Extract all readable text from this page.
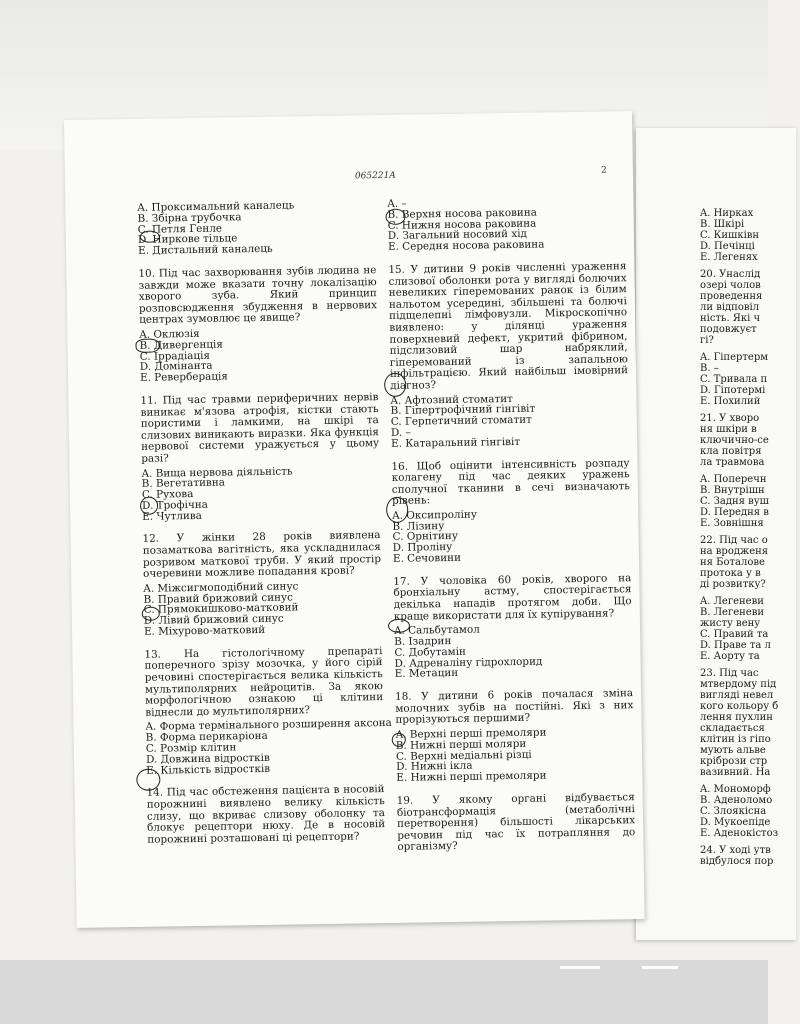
A. Нирках
B. Шкірі
C. Кишківн
D. Печінці
E. Легенях
20. Унаслід
озері чолов
проведення
ли відповіл
ність. Які ч
подовжуєт
гі?
A. Гіпертерм
B. –
C. Тривала п
D. Гіпотермі
E. Похилий
21. У хворо
ня шкіри в
ключично-се
кла повітря
ла травмова
A. Поперечн
B. Внутрішн
C. Задня вуш
D. Передня в
E. Зовнішня
22. Під час о
на вродженя
ня Боталове
протока у в
ді розвитку?
A. Легеневи
B. Легеневи
жисту вену
C. Правий та
D. Праве та л
E. Аорту та
23. Під час
мтвердому під
вигляді невел
кого кольору б
лення пухлин
складається
клітин із гіпо
мують альве
крібрози стр
вазивний. На
A. Мономорф
B. Аденоломо
C. Злоякісна
D. Мукоепіде
E. Аденокістоз
24. У ході утв
відбулося пор
065221A
2
A. Проксимальний каналець
B. Збірна трубочка
C. Петля Генле
D. Нирковe тільце
E. Дистальний каналець
10. Під час захворювання зубів людина не завжди може вказати точну локалізацію хворого зуба. Який принцип розповсюдження збудження в нервових центрах зумовлює це явище?
A. Оклюзія
B. Дивергенція
C. Іррадіація
D. Домінанта
E. Реверберація
11. Під час травми периферичних нервів виникає м'язова атрофія, кістки стають пористими і ламкими, на шкірі та слизових виникають виразки. Яка функція нервової системи уражується у цьому разі?
A. Вища нервова діяльність
B. Вегетативна
C. Рухова
D. Трофічна
E. Чутлива
12. У жінки 28 років виявлена позаматкова вагітність, яка ускладнилася розривом маткової труби. У який простір очеревини можливе попадання крові?
A. Міжсигмоподібний синус
B. Правий брижовий синус
C. Прямокишково-матковий
D. Лівий брижовий синус
E. Міхурово-матковий
13. На гістологічному препараті поперечного зрізу мозочка, у його сірій речовині спостерігається велика кількість мультиполярних нейроцитів. За якою морфологічною ознакою ці клітини віднесли до мультиполярних?
A. Форма термінального розширення аксона
B. Форма перикаріона
C. Розмір клітин
D. Довжина відростків
E. Кількість відростків
14. Під час обстеження пацієнта в носовій порожнині виявлено велику кількість слизу, що вкриває слизову оболонку та блокує рецептори нюху. Де в носовій порожнині розташовані ці рецептори?
A. –
B. Верхня носова раковина
C. Нижня носова раковина
D. Загальний носовий хід
E. Середня носова раковина
15. У дитини 9 років численні ураження слизової оболонки рота у вигляді болючих невеликих гіперемованих ранок із білим нальотом усередині, збільшені та болючі підщелепні лімфовузли. Мікроскопічно виявлено: у ділянці ураження поверхневий дефект, укритий фібрином, підслизовий шар набряклий, гіперемований із запальною інфільтрацією. Який найбільш імовірний діагноз?
A. Афтозний стоматит
B. Гіпертрофічний гінгівіт
C. Герпетичний стоматит
D. –
E. Катаральний гінгівіт
16. Щоб оцінити інтенсивність розпаду колагену під час деяких уражень сполучної тканини в сечі визначають рівень:
A. Оксипроліну
B. Лізину
C. Орнітину
D. Проліну
E. Сечовини
17. У чоловіка 60 років, хворого на бронхіальну астму, спостерігається декілька нападів протягом доби. Що краще використати для їх купірування?
A. Сальбутамол
B. Ізадрин
C. Добутамін
D. Адреналіну гідрохлорид
E. Метацин
18. У дитини 6 років почалася зміна молочних зубів на постійні. Які з них прорізуються першими?
A. Верхні перші премоляри
B. Нижні перші моляри
C. Верхні медіальні різці
D. Нижні ікла
E. Нижні перші премоляри
19. У якому органі відбувається біотрансформація (метаболічні перетворення) більшості лікарських речовин під час їх потрапляння до організму?
